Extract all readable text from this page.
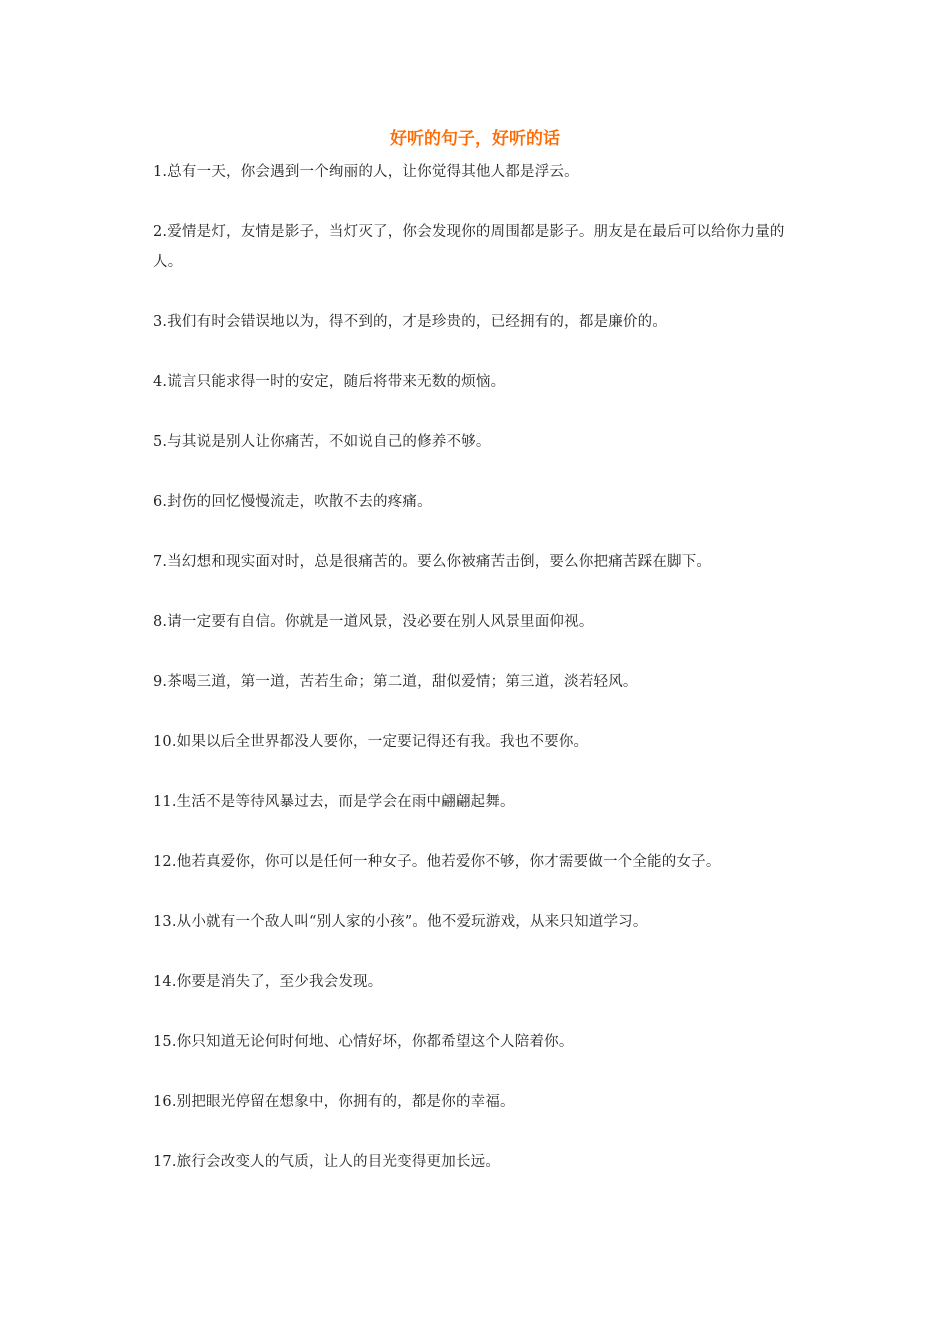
好听的句子，好听的话

1.总有一天，你会遇到一个绚丽的人，让你觉得其他人都是浮云。

2.爱情是灯，友情是影子，当灯灭了，你会发现你的周围都是影子。朋友是在最后可以给你力量的人。

3.我们有时会错误地以为，得不到的，才是珍贵的，已经拥有的，都是廉价的。

4.谎言只能求得一时的安定，随后将带来无数的烦恼。

5.与其说是别人让你痛苦，不如说自己的修养不够。

6.封伤的回忆慢慢流走，吹散不去的疼痛。

7.当幻想和现实面对时，总是很痛苦的。要么你被痛苦击倒，要么你把痛苦踩在脚下。

8.请一定要有自信。你就是一道风景，没必要在别人风景里面仰视。

9.茶喝三道，第一道，苦若生命；第二道，甜似爱情；第三道，淡若轻风。

10.如果以后全世界都没人要你，一定要记得还有我。我也不要你。

11.生活不是等待风暴过去，而是学会在雨中翩翩起舞。

12.他若真爱你，你可以是任何一种女子。他若爱你不够，你才需要做一个全能的女子。

13.从小就有一个敌人叫“别人家的小孩”。他不爱玩游戏，从来只知道学习。

14.你要是消失了，至少我会发现。

15.你只知道无论何时何地、心情好坏，你都希望这个人陪着你。

16.别把眼光停留在想象中，你拥有的，都是你的幸福。

17.旅行会改变人的气质，让人的目光变得更加长远。
